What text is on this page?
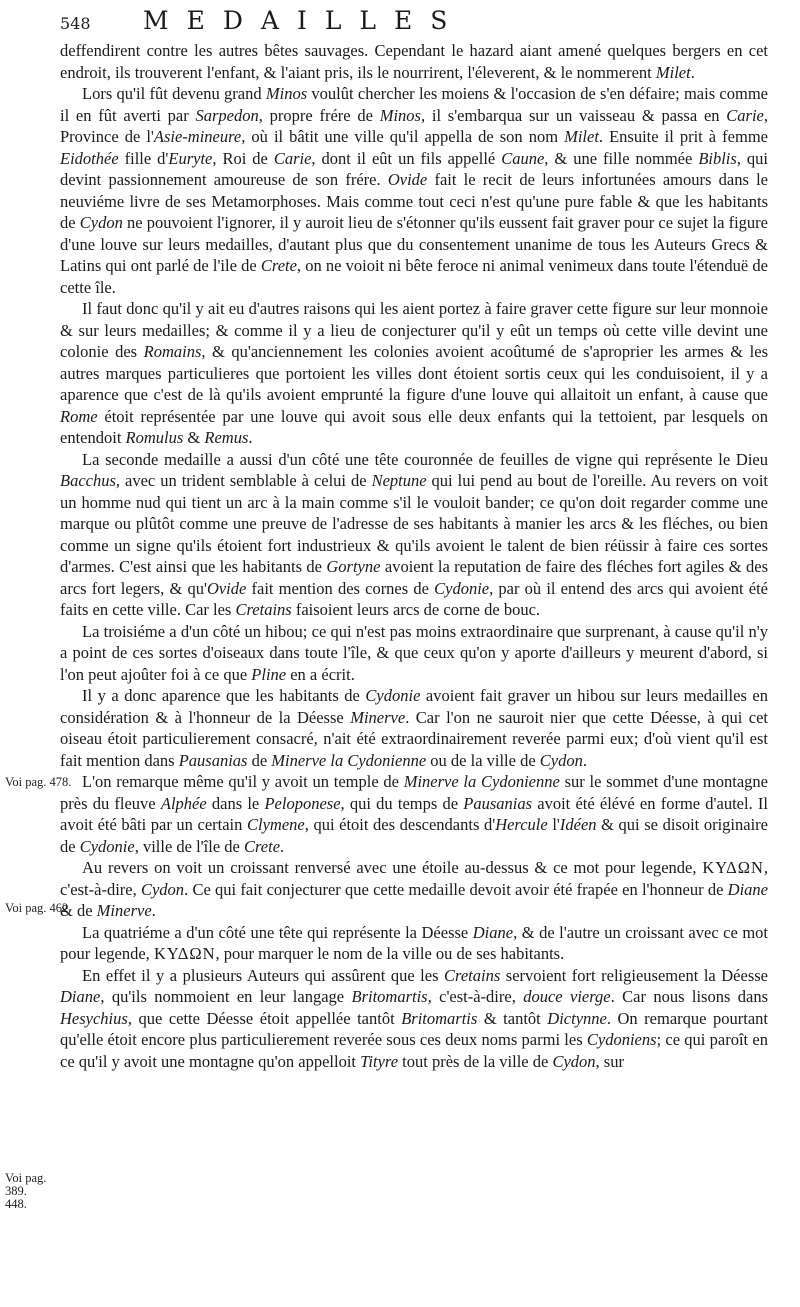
548 MEDAILLES
Voi pag. 478.
Voi pag. 462.
Voi pag. 389. 448.

deffendirent contre les autres bêtes sauvages. Cependant le hazard aiant amené quelques bergers en cet endroit, ils trouverent l'enfant, & l'aiant pris, ils le nourrirent, l'éleverent, & le nommerent Milet.

Lors qu'il fût devenu grand Minos voulût chercher les moiens & l'occasion de s'en défaire; mais comme il en fût averti par Sarpedon, propre frére de Minos, il s'embarqua sur un vaisseau & passa en Carie, Province de l'Asie-mineure, où il bâtit une ville qu'il appella de son nom Milet. Ensuite il prit à femme Eidothée fille d'Euryte, Roi de Carie, dont il eût un fils appellé Caune, & une fille nommée Biblis, qui devint passionnement amoureuse de son frére. Ovide fait le recit de leurs infortunées amours dans le neuviéme livre de ses Metamorphoses. Mais comme tout ceci n'est qu'une pure fable & que les habitants de Cydon ne pouvoient l'ignorer, il y auroit lieu de s'étonner qu'ils eussent fait graver pour ce sujet la figure d'une louve sur leurs medailles, d'autant plus que du consentement unanime de tous les Auteurs Grecs & Latins qui ont parlé de l'ile de Crete, on ne voioit ni bête feroce ni animal venimeux dans toute l'étenduë de cette île.

Il faut donc qu'il y ait eu d'autres raisons qui les aient portez à faire graver cette figure sur leur monnoie & sur leurs medailles; & comme il y a lieu de conjecturer qu'il y eût un temps où cette ville devint une colonie des Romains, & qu'anciennement les colonies avoient acoûtumé de s'aproprier les armes & les autres marques particulieres que portoient les villes dont étoient sortis ceux qui les conduisoient, il y a aparence que c'est de là qu'ils avoient emprunté la figure d'une louve qui allaitoit un enfant, à cause que Rome étoit représentée par une louve qui avoit sous elle deux enfants qui la tettoient, par lesquels on entendoit Romulus & Remus.

La seconde medaille a aussi d'un côté une tête couronnée de feuilles de vigne qui représente le Dieu Bacchus, avec un trident semblable à celui de Neptune qui lui pend au bout de l'oreille. Au revers on voit un homme nud qui tient un arc à la main comme s'il le vouloit bander; ce qu'on doit regarder comme une marque ou plûtôt comme une preuve de l'adresse de ses habitants à manier les arcs & les fléches, ou bien comme un signe qu'ils étoient fort industrieux & qu'ils avoient le talent de bien réüssir à faire ces sortes d'armes. C'est ainsi que les habitants de Gortyne avoient la reputation de faire des fléches fort agiles & des arcs fort legers, & qu'Ovide fait mention des cornes de Cydonie, par où il entend des arcs qui avoient été faits en cette ville. Car les Cretains faisoient leurs arcs de corne de bouc.

La troisiéme a d'un côté un hibou; ce qui n'est pas moins extraordinaire que surprenant, à cause qu'il n'y a point de ces sortes d'oiseaux dans toute l'île, & que ceux qu'on y aporte d'ailleurs y meurent d'abord, si l'on peut ajoûter foi à ce que Pline en a écrit.

Il y a donc aparence que les habitants de Cydonie avoient fait graver un hibou sur leurs medailles en considération & à l'honneur de la Déesse Minerve. Car l'on ne sauroit nier que cette Déesse, à qui cet oiseau étoit particulierement consacré, n'ait été extraordinairement reverée parmi eux; d'où vient qu'il est fait mention dans Pausanias de Minerve la Cydonienne ou de la ville de Cydon.

L'on remarque même qu'il y avoit un temple de Minerve la Cydonienne sur le sommet d'une montagne près du fleuve Alphée dans le Peloponese, qui du temps de Pausanias avoit été élévé en forme d'autel. Il avoit été bâti par un certain Clymene, qui étoit des descendants d'Hercule l'Idéen & qui se disoit originaire de Cydonie, ville de l'île de Crete.

Au revers on voit un croissant renversé avec une étoile au-dessus & ce mot pour legende, ΚΥΔΩΝ, c'est-à-dire, Cydon. Ce qui fait conjecturer que cette medaille devoit avoir été frapée en l'honneur de Diane & de Minerve.

La quatriéme a d'un côté une tête qui représente la Déesse Diane, & de l'autre un croissant avec ce mot pour legende, ΚΥΔΩΝ, pour marquer le nom de la ville ou de ses habitants.

En effet il y a plusieurs Auteurs qui assûrent que les Cretains servoient fort religieusement la Déesse Diane, qu'ils nommoient en leur langage Britomartis, c'est-à-dire, douce vierge. Car nous lisons dans Hesychius, que cette Déesse étoit appellée tantôt Britomartis & tantôt Dictynne. On remarque pourtant qu'elle étoit encore plus particulierement reverée sous ces deux noms parmi les Cydoniens; ce qui paroît en ce qu'il y avoit une montagne qu'on appelloit Tityre tout près de la ville de Cydon, sur
